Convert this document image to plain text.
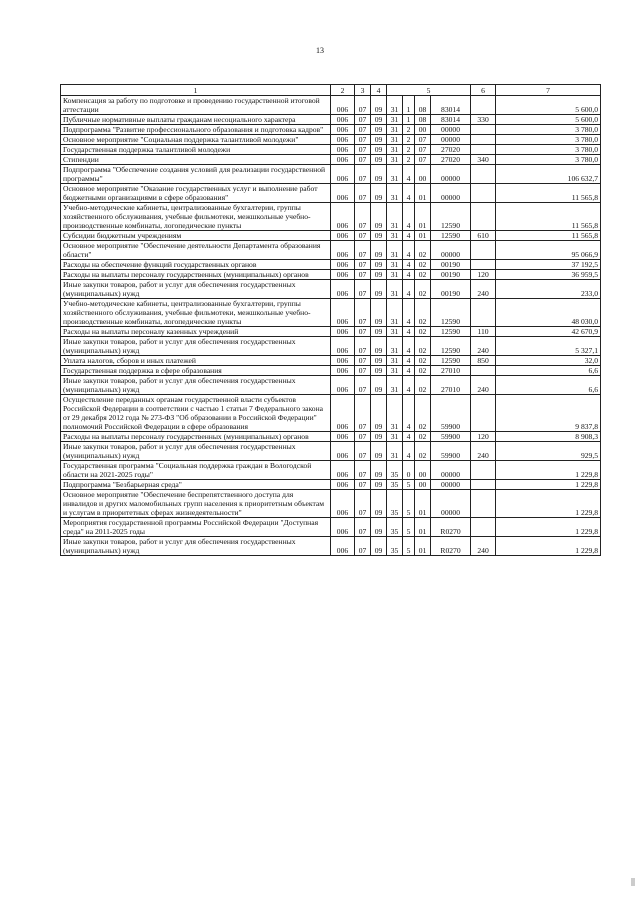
13
1	2	3	4	5				6	7
Компенсация за работу по подготовке и проведению государственной итоговой аттестации	006	07	09	31	1	08	83014		5 600,0
Публичные нормативные выплаты гражданам несоциального характера	006	07	09	31	1	08	83014	330	5 600,0
Подпрограмма "Развитие профессионального образования и подготовка кадров"	006	07	09	31	2	00	00000		3 780,0
Основное мероприятие "Социальная поддержка талантливой молодежи"	006	07	09	31	2	07	00000		3 780,0
Государственная поддержка талантливой молодежи	006	07	09	31	2	07	27020		3 780,0
Стипендии	006	07	09	31	2	07	27020	340	3 780,0
Подпрограмма "Обеспечение создания условий для реализации государственной программы"	006	07	09	31	4	00	00000		106 632,7
Основное мероприятие "Оказание государственных услуг и выполнение работ бюджетными организациями в сфере образования"	006	07	09	31	4	01	00000		11 565,8
Учебно-методические кабинеты, централизованные бухгалтерии, группы хозяйственного обслуживания, учебные фильмотеки, межшкольные учебно-производственные комбинаты, логопедические пункты	006	07	09	31	4	01	12590		11 565,8
Субсидии бюджетным учреждениям	006	07	09	31	4	01	12590	610	11 565,8
Основное мероприятие "Обеспечение деятельности Департамента образования области"	006	07	09	31	4	02	00000		95 066,9
Расходы на обеспечение функций государственных органов	006	07	09	31	4	02	00190		37 192,5
Расходы на выплаты персоналу государственных (муниципальных) органов	006	07	09	31	4	02	00190	120	36 959,5
Иные закупки товаров, работ и услуг для обеспечения государственных (муниципальных) нужд	006	07	09	31	4	02	00190	240	233,0
Учебно-методические кабинеты, централизованные бухгалтерии, группы хозяйственного обслуживания, учебные фильмотеки, межшкольные учебно-производственные комбинаты, логопедические пункты	006	07	09	31	4	02	12590		48 030,0
Расходы на выплаты персоналу казенных учреждений	006	07	09	31	4	02	12590	110	42 670,9
Иные закупки товаров, работ и услуг для обеспечения государственных (муниципальных) нужд	006	07	09	31	4	02	12590	240	5 327,1
Уплата налогов, сборов и иных платежей	006	07	09	31	4	02	12590	850	32,0
Государственная поддержка в сфере образования	006	07	09	31	4	02	27010		6,6
Иные закупки товаров, работ и услуг для обеспечения государственных (муниципальных) нужд	006	07	09	31	4	02	27010	240	6,6
Осуществление переданных органам государственной власти субъектов Российской Федерации в соответствии с частью 1 статьи 7 Федерального закона от 29 декабря 2012 года № 273-ФЗ "Об образовании в Российской Федерации" полномочий Российской Федерации в сфере образования	006	07	09	31	4	02	59900		9 837,8
Расходы на выплаты персоналу государственных (муниципальных) органов	006	07	09	31	4	02	59900	120	8 908,3
Иные закупки товаров, работ и услуг для обеспечения государственных (муниципальных) нужд	006	07	09	31	4	02	59900	240	929,5
Государственная программа "Социальная поддержка граждан в Вологодской области на 2021-2025 годы"	006	07	09	35	0	00	00000		1 229,8
Подпрограмма "Безбарьерная среда"	006	07	09	35	5	00	00000		1 229,8
Основное мероприятие "Обеспечение беспрепятственного доступа для инвалидов и других маломобильных групп населения к приоритетным объектам и услугам в приоритетных сферах жизнедеятельности"	006	07	09	35	5	01	00000		1 229,8
Мероприятия государственной программы Российской Федерации "Доступная среда" на 2011-2025 годы	006	07	09	35	5	01	R0270		1 229,8
Иные закупки товаров, работ и услуг для обеспечения государственных (муниципальных) нужд	006	07	09	35	5	01	R0270	240	1 229,8
